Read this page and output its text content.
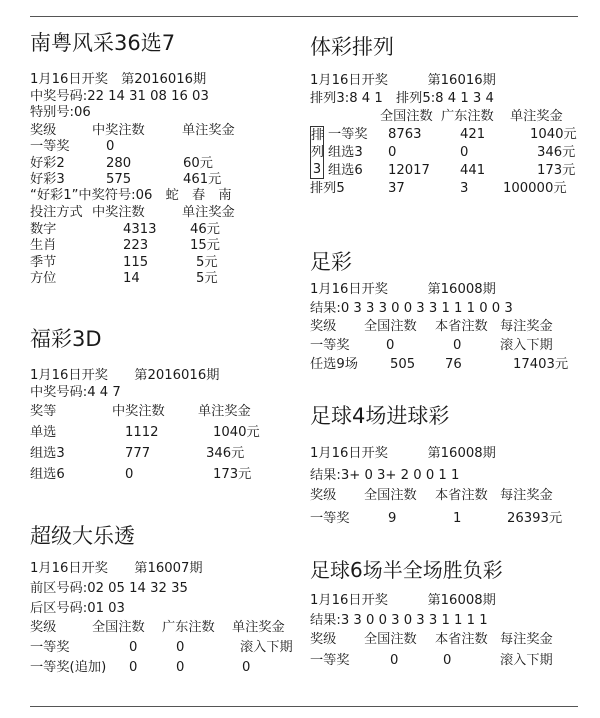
南粤风采36选7
1月16日开奖　第2016016期
中奖号码:22 14 31 08 16 03
特别号:06
奖级	中奖注数	单注奖金
一等奖	0
好彩2	280	60元
好彩3	575	461元
“好彩1”中奖符号:06　蛇　春　南
投注方式 中奖注数	单注奖金
数字	4313	46元
生肖	223	15元
季节	115	5元
方位	14	5元
福彩3D
1月16日开奖　　第2016016期
中奖号码:4 4 7
奖等	中奖注数	单注奖金
单选	1112	1040元
组选3	777	346元
组选6	0	173元
超级大乐透
1月16日开奖　　第16007期
前区号码:02 05 14 32 35
后区号码:01 03
奖级	全国注数 广东注数 单注奖金
一等奖	0	0	滚入下期
一等奖(追加) 0	0	0
体彩排列
1月16日开奖　　　第16016期
排列3:8 4 1　排列5:8 4 1 3 4
全国注数 广东注数 单注奖金
排
列
3
一等奖 8763	421	1040元
组选3 0	0	346元
组选6 12017 441	173元
排列5	37	3	100000元
足彩
1月16日开奖　　　第16008期
结果:0 3 3 3 0 0 3 3 1 1 1 0 0 3
奖级 全国注数 本省注数 每注奖金
一等奖	0	0	滚入下期
任选9场 505 76	17403元
足球4场进球彩
1月16日开奖　　　第16008期
结果:3+ 0 3+ 2 0 0 1 1
奖级 全国注数 本省注数 每注奖金
一等奖	9	1	26393元
足球6场半全场胜负彩
1月16日开奖　　　第16008期
结果:3 3 0 0 3 0 3 3 1 1 1 1
奖级 全国注数 本省注数 每注奖金
一等奖	0	0	滚入下期
